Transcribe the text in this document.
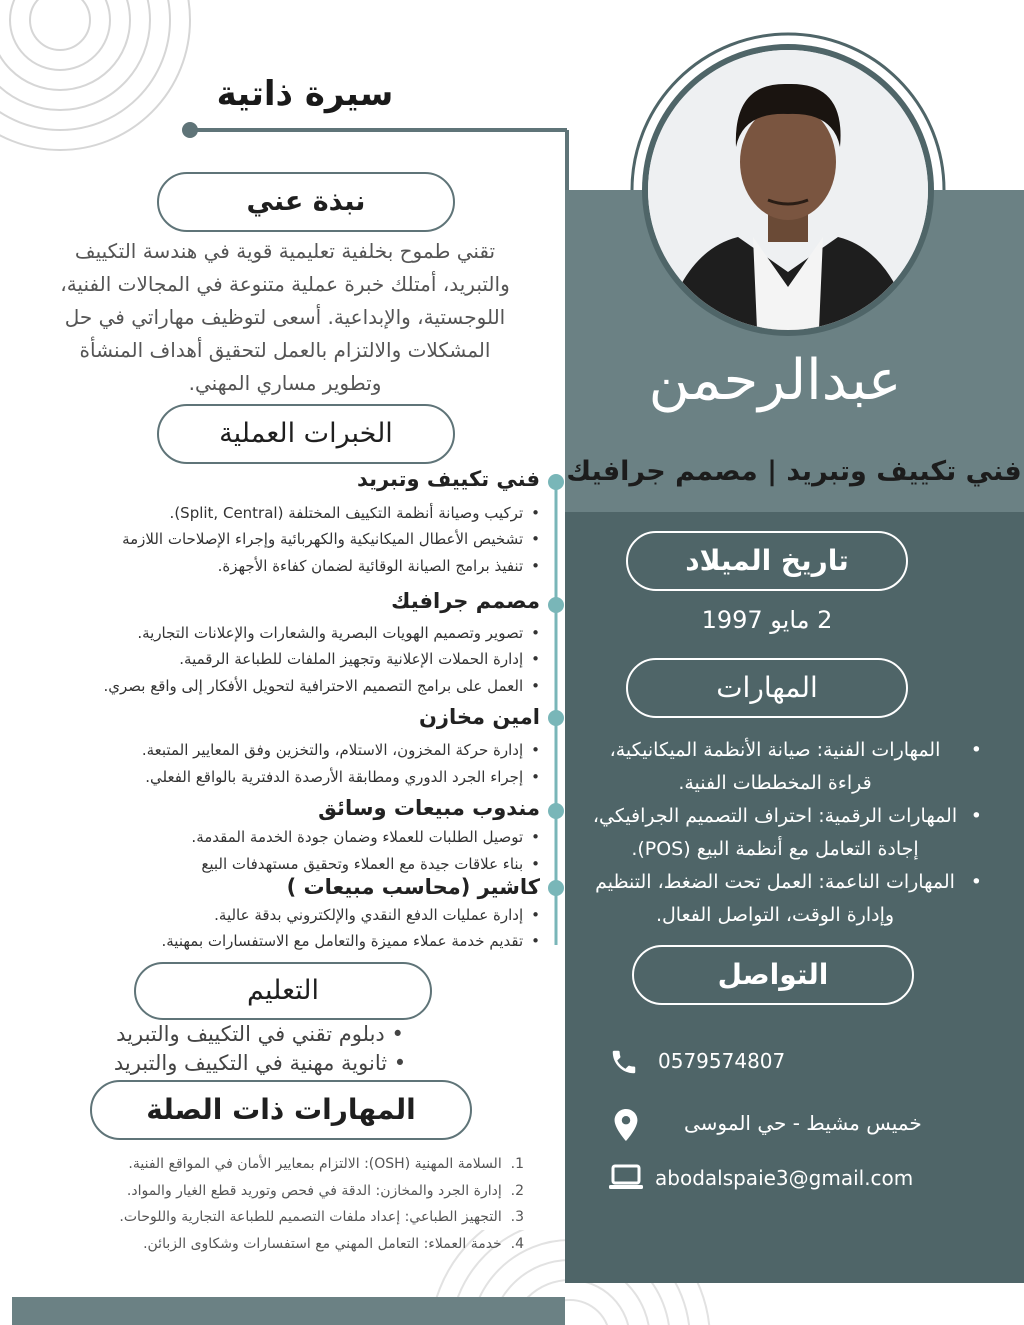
سيرة ذاتية
نبذة عني
تقني طموح بخلفية تعليمية قوية في هندسة التكييف
والتبريد، أمتلك خبرة عملية متنوعة في المجالات الفنية،
اللوجستية، والإبداعية. أسعى لتوظيف مهاراتي في حل
المشكلات والالتزام بالعمل لتحقيق أهداف المنشأة
وتطوير مساري المهني.
الخبرات العملية
فني تكييف وتبريد
• تركيب وصيانة أنظمة التكييف المختلفة (Split, Central).
• تشخيص الأعطال الميكانيكية والكهربائية وإجراء الإصلاحات اللازمة
• تنفيذ برامج الصيانة الوقائية لضمان كفاءة الأجهزة.
مصمم جرافيك
• تصوير وتصميم الهويات البصرية والشعارات والإعلانات التجارية.
• إدارة الحملات الإعلانية وتجهيز الملفات للطباعة الرقمية.
• العمل على برامج التصميم الاحترافية لتحويل الأفكار إلى واقع بصري.
امين مخازن
• إدارة حركة المخزون، الاستلام، والتخزين وفق المعايير المتبعة.
• إجراء الجرد الدوري ومطابقة الأرصدة الدفترية بالواقع الفعلي.
مندوب مبيعات وسائق
• توصيل الطلبات للعملاء وضمان جودة الخدمة المقدمة.
• بناء علاقات جيدة مع العملاء وتحقيق مستهدفات البيع
كاشير (محاسب مبيعات )
• إدارة عمليات الدفع النقدي والإلكتروني بدقة عالية.
• تقديم خدمة عملاء مميزة والتعامل مع الاستفسارات بمهنية.
التعليم
• دبلوم تقني في التكييف والتبريد
• ثانوية مهنية في التكييف والتبريد
المهارات ذات الصلة
1.  السلامة المهنية (OSH): الالتزام بمعايير الأمان في المواقع الفنية.
2.  إدارة الجرد والمخازن: الدقة في فحص وتوريد قطع الغيار والمواد.
3.  التجهيز الطباعي: إعداد ملفات التصميم للطباعة التجارية واللوحات.
4.  خدمة العملاء: التعامل المهني مع استفسارات وشكاوى الزبائن.
عبدالرحمن
فني تكييف وتبريد | مصمم جرافيك
تاريخ الميلاد
2 مايو 1997
المهارات
•
المهارات الفنية: صيانة الأنظمة الميكانيكية،
قراءة المخططات الفنية.
•
المهارات الرقمية: احتراف التصميم الجرافيكي،
إجادة التعامل مع أنظمة البيع (POS).
•
المهارات الناعمة: العمل تحت الضغط، التنظيم
وإدارة الوقت، التواصل الفعال.
التواصل
0579574807
خميس مشيط - حي الموسى
abodalspaie3@gmail.com
